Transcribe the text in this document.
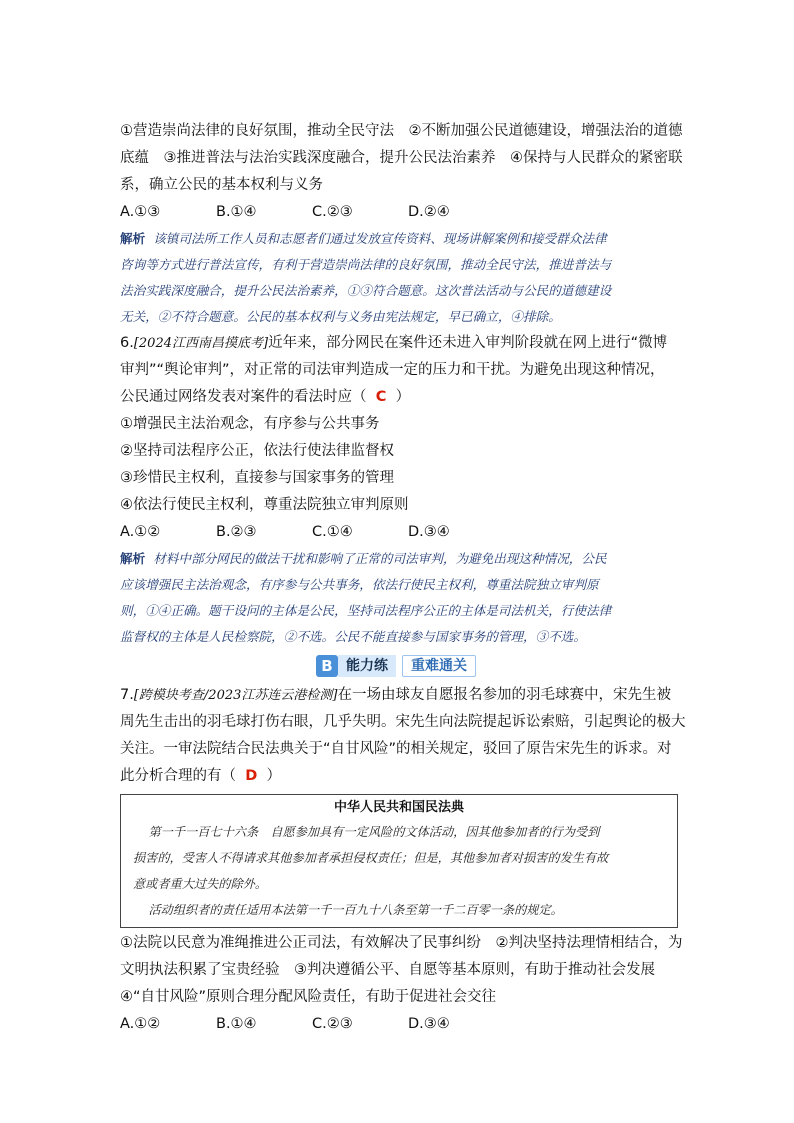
①营造崇尚法律的良好氛围，推动全民守法　②不断加强公民道德建设，增强法治的道德
底蕴　③推进普法与法治实践深度融合，提升公民法治素养　④保持与人民群众的紧密联
系，确立公民的基本权利与义务
A.①③	B.①④	C.②③	D.②④
解析 该镇司法所工作人员和志愿者们通过发放宣传资料、现场讲解案例和接受群众法律
咨询等方式进行普法宣传，有利于营造崇尚法律的良好氛围，推动全民守法，推进普法与
法治实践深度融合，提升公民法治素养，①③符合题意。这次普法活动与公民的道德建设
无关，②不符合题意。公民的基本权利与义务由宪法规定，早已确立，④排除。
6.[2024江西南昌摸底考]近年来，部分网民在案件还未进入审判阶段就在网上进行“微博
审判”“舆论审判”，对正常的司法审判造成一定的压力和干扰。为避免出现这种情况，
公民通过网络发表对案件的看法时应（ C ）
①增强民主法治观念，有序参与公共事务
②坚持司法程序公正，依法行使法律监督权
③珍惜民主权利，直接参与国家事务的管理
④依法行使民主权利，尊重法院独立审判原则
A.①②	B.②③	C.①④	D.③④
解析 材料中部分网民的做法干扰和影响了正常的司法审判，为避免出现这种情况，公民
应该增强民主法治观念，有序参与公共事务，依法行使民主权利，尊重法院独立审判原
则，①④正确。题干设问的主体是公民，坚持司法程序公正的主体是司法机关，行使法律
监督权的主体是人民检察院，②不选。公民不能直接参与国家事务的管理，③不选。
B 能力练	重难通关
7.[跨模块考查/2023江苏连云港检测]在一场由球友自愿报名参加的羽毛球赛中，宋先生被
周先生击出的羽毛球打伤右眼，几乎失明。宋先生向法院提起诉讼索赔，引起舆论的极大
关注。一审法院结合民法典关于“自甘风险”的相关规定，驳回了原告宋先生的诉求。对
此分析合理的有（ D ）
中华人民共和国民法典
第一千一百七十六条　自愿参加具有一定风险的文体活动，因其他参加者的行为受到
损害的，受害人不得请求其他参加者承担侵权责任；但是，其他参加者对损害的发生有故
意或者重大过失的除外。
活动组织者的责任适用本法第一千一百九十八条至第一千二百零一条的规定。
①法院以民意为准绳推进公正司法，有效解决了民事纠纷　②判决坚持法理情相结合，为
文明执法积累了宝贵经验　③判决遵循公平、自愿等基本原则，有助于推动社会发展
④“自甘风险”原则合理分配风险责任，有助于促进社会交往
A.①②	B.①④	C.②③	D.③④
